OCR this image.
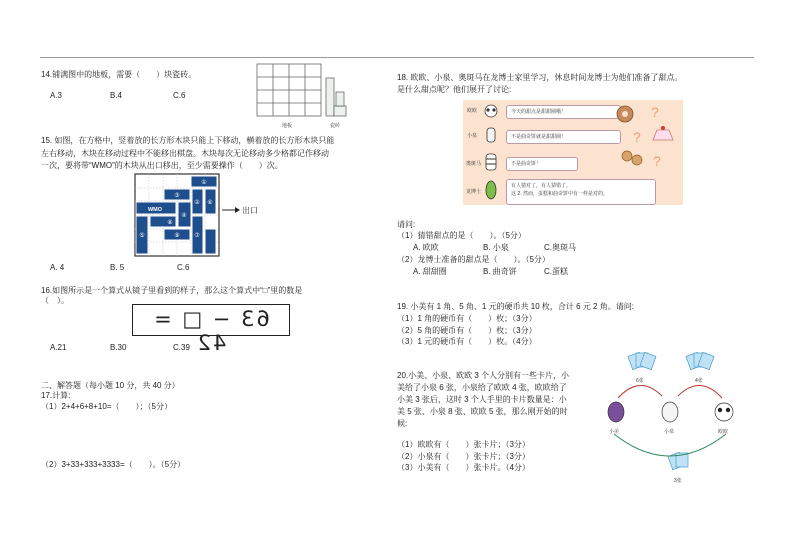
14.铺满图中的地板，需要（　　）块瓷砖。
A.3	B.4	C.6
地板	瓷砖
15. 如图，在方格中，竖着放的长方形木块只能上下移动，横着放的长方形木块只能
左右移动，木块在移动过程中不能移出棋盘。木块每次无论移动多少格都记作移动
一次，要将带“WMO”的木块从出口移出，至少需要操作（　　）次。
①
③
② ⑥
WMO
④
⑤
⑧
⑨ ⑦
出口
A. 4	B. 5	C.6
16.如图所示是一个算式从镜子里看到的样子，那么这个算式中“□”里的数是
（　）。
63 − □ = 42
A.21	B.30	C.39
二、解答题（每小题 10 分，共 40 分）
17.计算:
（1）2+4+6+8+10=（　　）；（5分）
（2）3+33+333+3333=（　　）。（5分）
18. 欧欧、小泉、奥斑马在龙博士家里学习，休息时间龙博士为他们准备了甜点。
是什么甜点呢？他们展开了讨论:
欧欧
小泉
奥斑马
龙博士
今天的甜点是甜甜圈哦！
不是曲奇饼就是甜甜圈！
不是曲奇饼！
有人猜对了，有人猜错了。
这 2. 然而，蛋糕和曲奇饼中有一样是对的。
?
?
?
请问:
（1）猜错甜点的是（　　）。（5分）
A. 欧欧	B. 小泉	C.奥斑马
（2）龙博士准备的甜点是（　　）。（5分）
A. 甜甜圈	B. 曲奇饼	C.蛋糕
19. 小美有 1 角、5 角、1 元的硬币共 10 枚，合计 6 元 2 角。请问:
（1）1 角的硬币有（　　）枚；（3分）
（2）5 角的硬币有（　　）枚；（3分）
（3）1 元的硬币有（　　）枚。（4分）
20.小美、小泉、欧欧 3 个人分别有一些卡片，小
美给了小泉 6 张，小泉给了欧欧 4 张，欧欧给了
小美 3 张后，这时 3 个人手里的卡片数量是：小
美 5 张、小泉 8 张、欧欧 5 张，那么刚开始的时
候:
（1）欧欧有（　　）张卡片；（3分）
（2）小泉有（　　）张卡片；（3分）
（3）小美有（　　）张卡片。（4分）
6张	4张
3张
小美	小泉	欧欧
